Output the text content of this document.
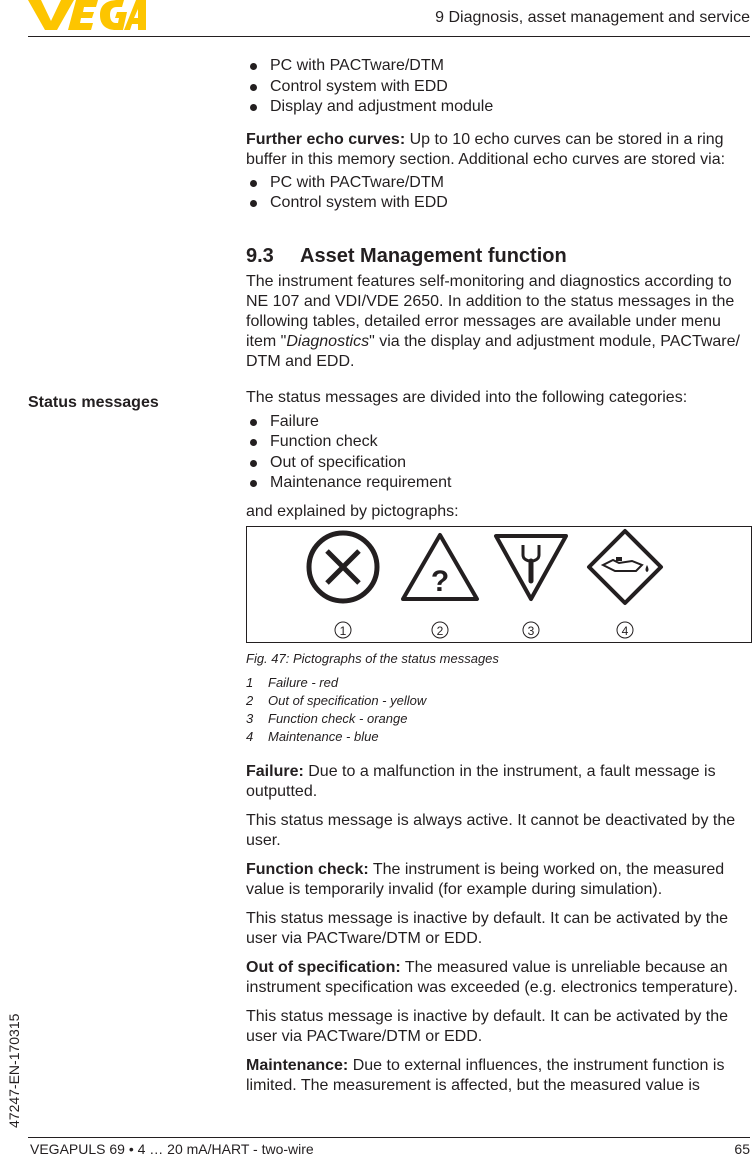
9 Diagnosis, asset management and service
Status messages
PC with PACTware/DTM
Control system with EDD
Display and adjustment module

Further echo curves: Up to 10 echo curves can be stored in a ring buffer in this memory section. Additional echo curves are stored via:

PC with PACTware/DTM
Control system with EDD
9.3 Asset Management function

The instrument features self-monitoring and diagnostics according to NE 107 and VDI/VDE 2650. In addition to the status messages in the following tables, detailed error messages are available under menu item "Diagnostics" via the display and adjustment module, PACTware/ DTM and EDD.

The status messages are divided into the following categories:

Failure
Function check
Out of specification
Maintenance requirement

and explained by pictographs:

?
1	2	3	4
Fig. 47: Pictographs of the status messages
1 Failure - red
2 Out of specification - yellow
3 Function check - orange
4 Maintenance - blue

Failure: Due to a malfunction in the instrument, a fault message is outputted.

This status message is always active. It cannot be deactivated by the user.

Function check: The instrument is being worked on, the measured value is temporarily invalid (for example during simulation).

This status message is inactive by default. It can be activated by the user via PACTware/DTM or EDD.

Out of specification: The measured value is unreliable because an instrument specification was exceeded (e.g. electronics temperature).

This status message is inactive by default. It can be activated by the user via PACTware/DTM or EDD.

Maintenance: Due to external influences, the instrument function is limited. The measurement is affected, but the measured value is

47247-EN-170315
VEGAPULS 69 • 4 … 20 mA/HART - two-wire	65
